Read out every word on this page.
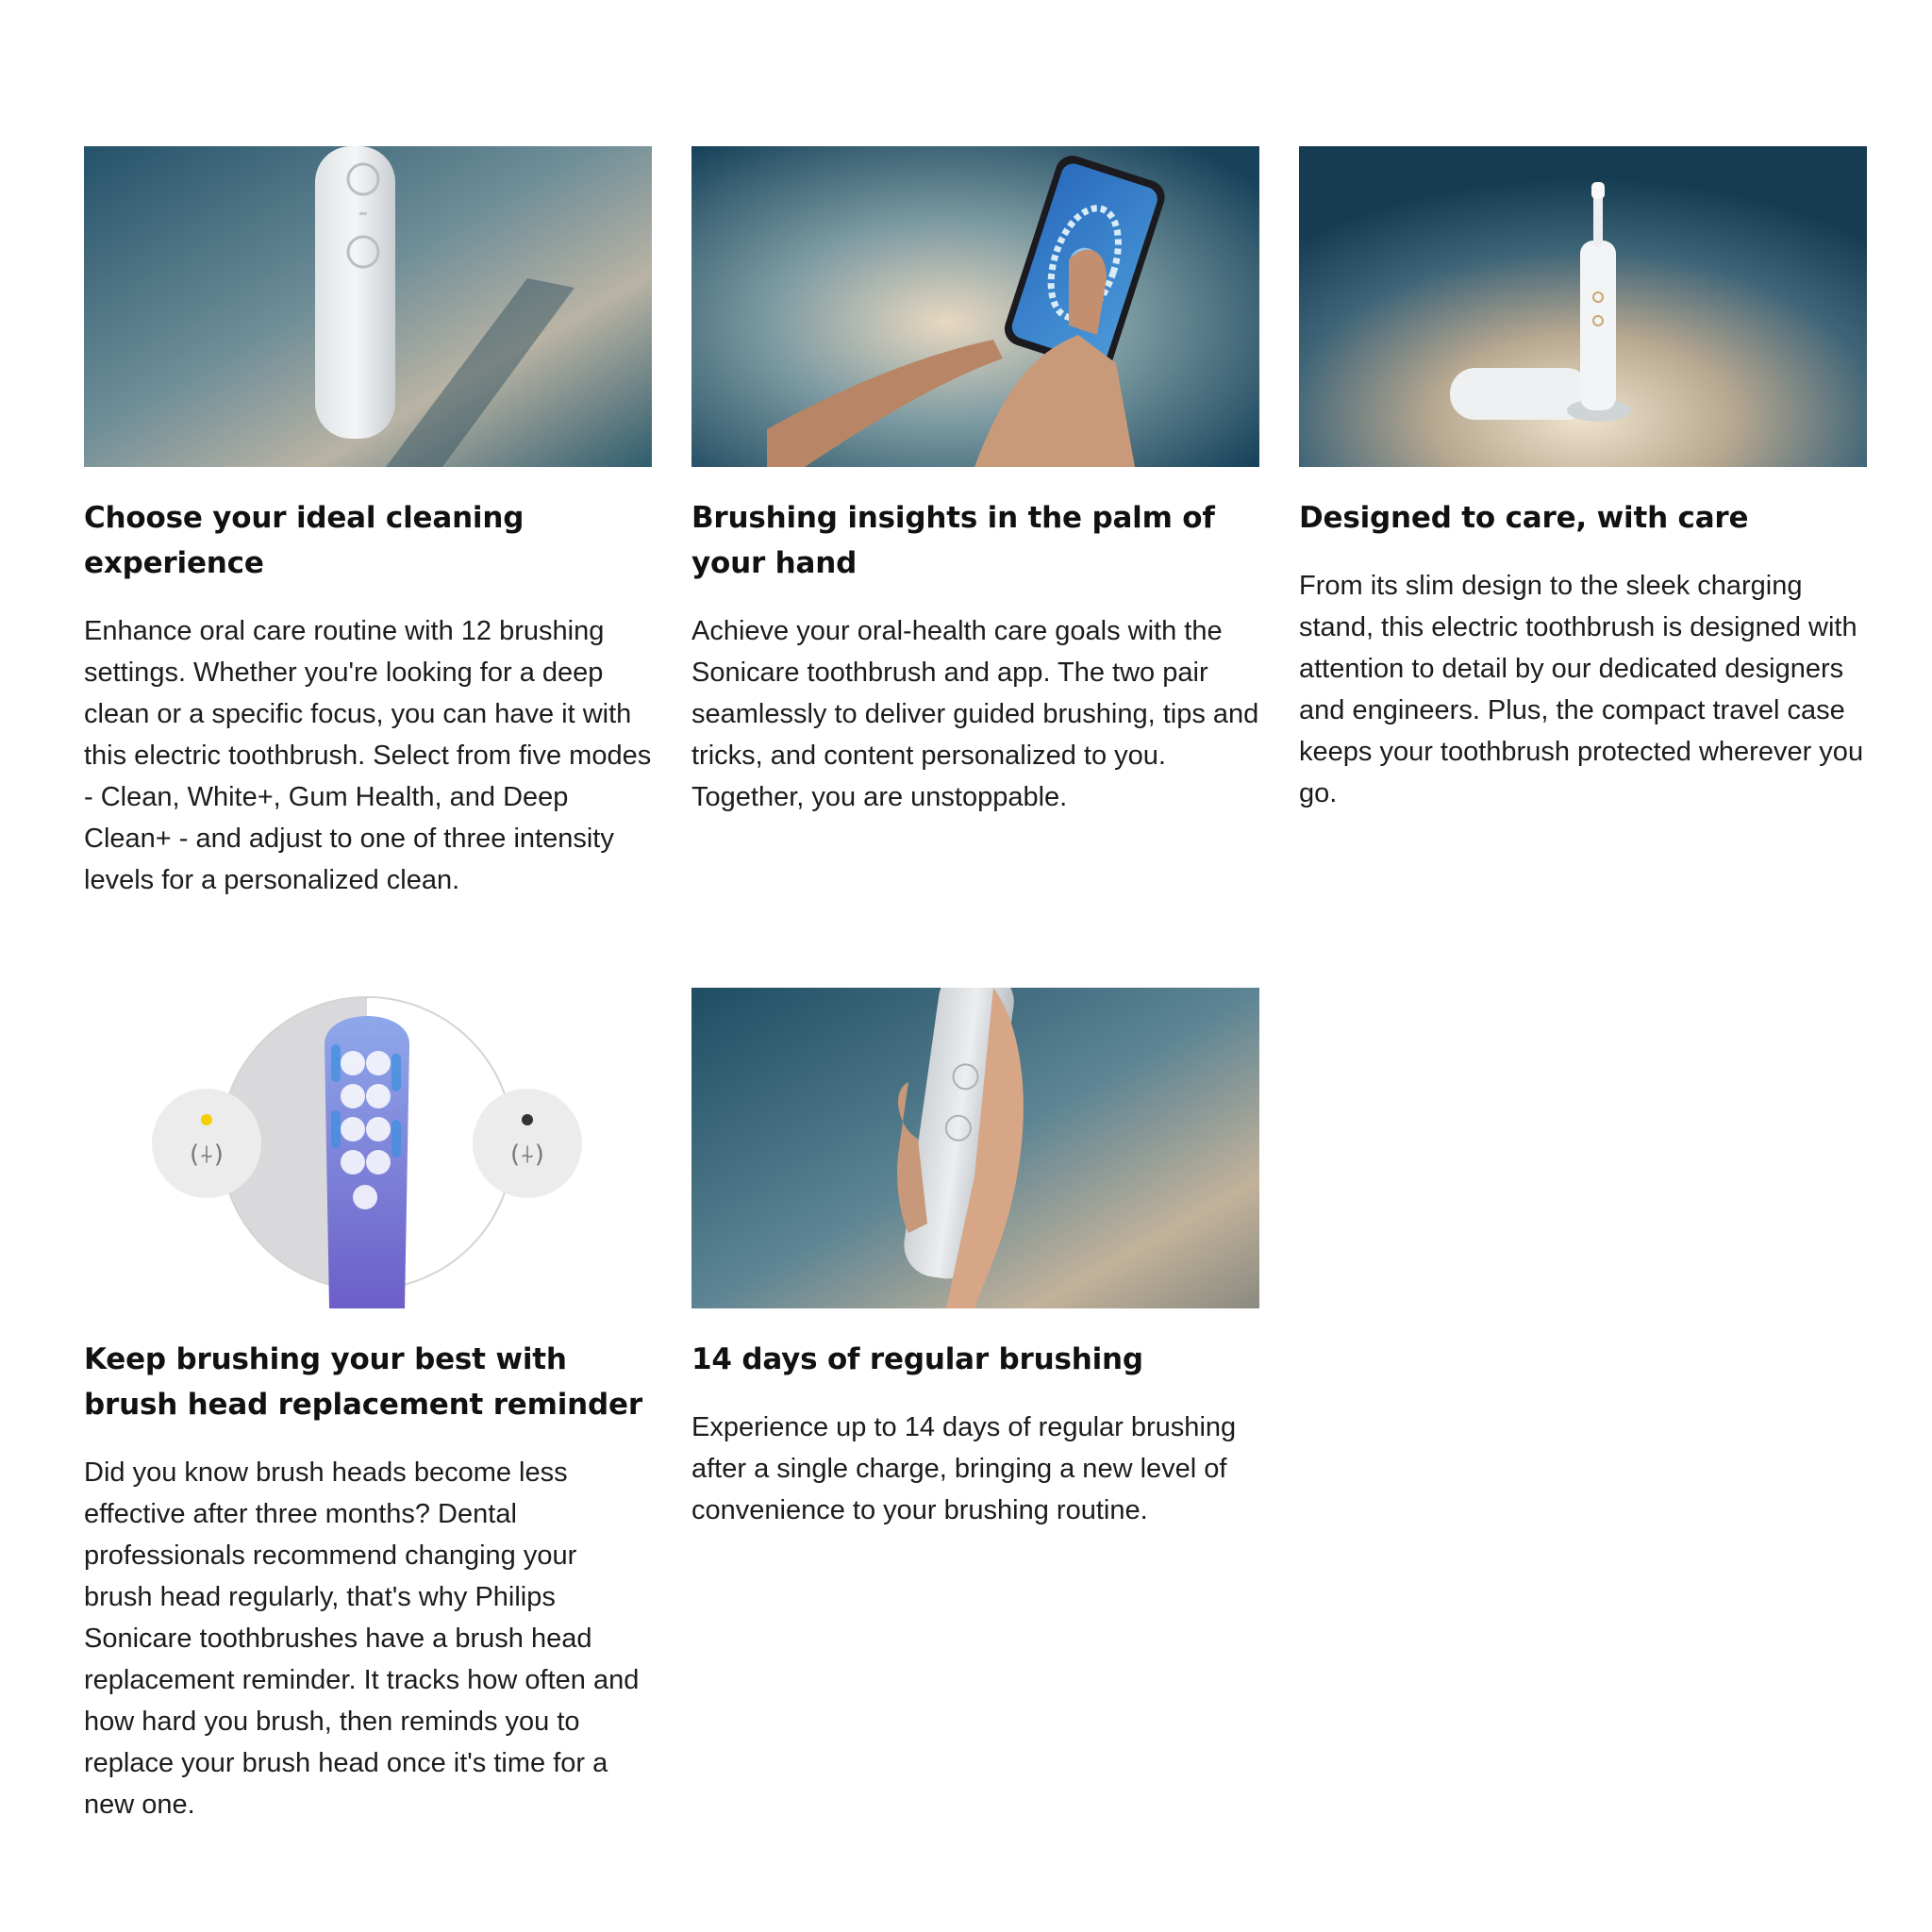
Choose your ideal cleaning experience
Enhance oral care routine with 12 brushing settings. Whether you're looking for a deep clean or a specific focus, you can have it with this electric toothbrush. Select from five modes - Clean, White+, Gum Health, and Deep Clean+ - and adjust to one of three intensity levels for a personalized clean.
Brushing insights in the palm of your hand
Achieve your oral-health care goals with the Sonicare toothbrush and app. The two pair seamlessly to deliver guided brushing, tips and tricks, and content personalized to you. Together, you are unstoppable.
Designed to care, with care
From its slim design to the sleek charging stand, this electric toothbrush is designed with attention to detail by our dedicated designers and engineers. Plus, the compact travel case keeps your toothbrush protected wherever you go.
(⍭)	(⍭)
Keep brushing your best with brush head replacement reminder
Did you know brush heads become less effective after three months? Dental professionals recommend changing your brush head regularly, that's why Philips Sonicare toothbrushes have a brush head replacement reminder. It tracks how often and how hard you brush, then reminds you to replace your brush head once it's time for a new one.
14 days of regular brushing
Experience up to 14 days of regular brushing after a single charge, bringing a new level of convenience to your brushing routine.
